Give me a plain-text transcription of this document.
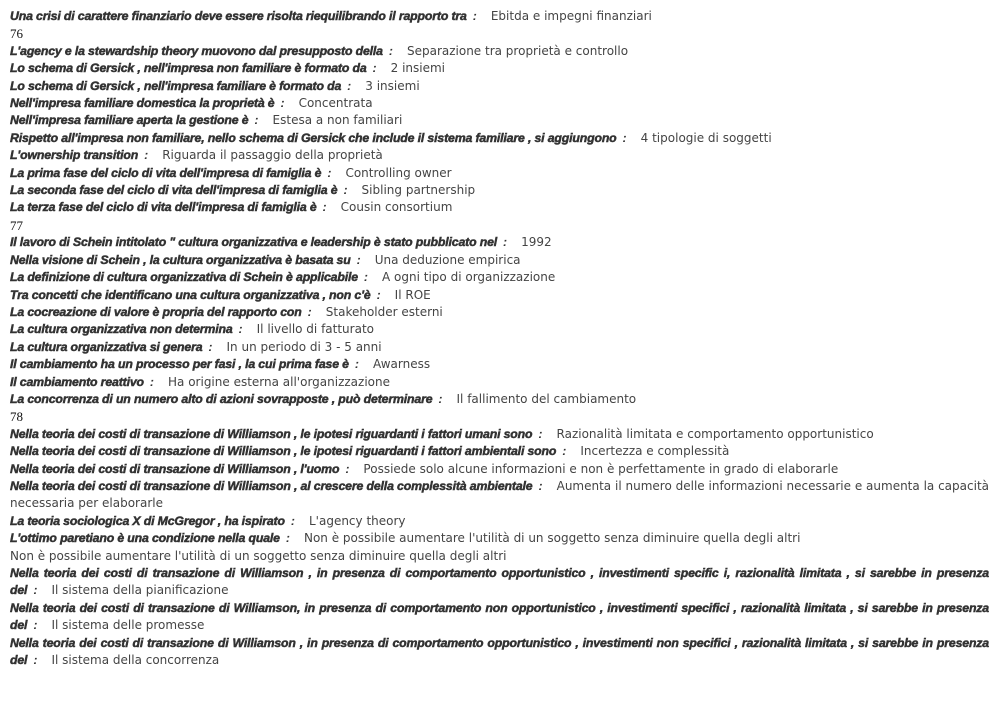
Una crisi di carattere finanziario deve essere risolta riequilibrando il rapporto tra : Ebitda e impegni finanziari
76
L'agency e la stewardship theory muovono dal presupposto della : Separazione tra proprietà e controllo
Lo schema di Gersick , nell'impresa non familiare è formato da : 2 insiemi
Lo schema di Gersick , nell'impresa familiare è formato da : 3 insiemi
Nell'impresa familiare domestica la proprietà è : Concentrata
Nell'impresa familiare aperta la gestione è : Estesa a non familiari
Rispetto all'impresa non familiare, nello schema di Gersick che include il sistema familiare , si aggiungono : 4 tipologie di soggetti
L'ownership transition : Riguarda il passaggio della proprietà
La prima fase del ciclo di vita dell'impresa di famiglia è : Controlling owner
La seconda fase del ciclo di vita dell'impresa di famiglia è : Sibling partnership
La terza fase del ciclo di vita dell'impresa di famiglia è : Cousin consortium
77
Il lavoro di Schein intitolato " cultura organizzativa e leadership è stato pubblicato nel : 1992
Nella visione di Schein , la cultura organizzativa è basata su : Una deduzione empirica
La definizione di cultura organizzativa di Schein è applicabile : A ogni tipo di organizzazione
Tra concetti che identificano una cultura organizzativa , non c'è : Il ROE
La cocreazione di valore è propria del rapporto con : Stakeholder esterni
La cultura organizzativa non determina : Il livello di fatturato
La cultura organizzativa si genera : In un periodo di 3 - 5 anni
Il cambiamento ha un processo per fasi , la cui prima fase è : Awarness
Il cambiamento reattivo : Ha origine esterna all'organizzazione
La concorrenza di un numero alto di azioni sovrapposte , può determinare : Il fallimento del cambiamento
78
Nella teoria dei costi di transazione di Williamson , le ipotesi riguardanti i fattori umani sono : Razionalità limitata e comportamento opportunistico
Nella teoria dei costi di transazione di Williamson , le ipotesi riguardanti i fattori ambientali sono : Incertezza e complessità
Nella teoria dei costi di transazione di Williamson , l'uomo : Possiede solo alcune informazioni e non è perfettamente in grado di elaborarle
Nella teoria dei costi di transazione di Williamson , al crescere della complessità ambientale : Aumenta il numero delle informazioni necessarie e aumenta la capacità necessaria per elaborarle
La teoria sociologica X di McGregor , ha ispirato : L'agency theory
L'ottimo paretiano è una condizione nella quale : Non è possibile aumentare l'utilità di un soggetto senza diminuire quella degli altri
Non è possibile aumentare l'utilità di un soggetto senza diminuire quella degli altri
Nella teoria dei costi di transazione di Williamson , in presenza di comportamento opportunistico , investimenti specific i, razionalità limitata , si sarebbe in presenza del : Il sistema della pianificazione
Nella teoria dei costi di transazione di Williamson, in presenza di comportamento non opportunistico , investimenti specifici , razionalità limitata , si sarebbe in presenza del : Il sistema delle promesse
Nella teoria dei costi di transazione di Williamson , in presenza di comportamento opportunistico , investimenti non specifici , razionalità limitata , si sarebbe in presenza del : Il sistema della concorrenza
